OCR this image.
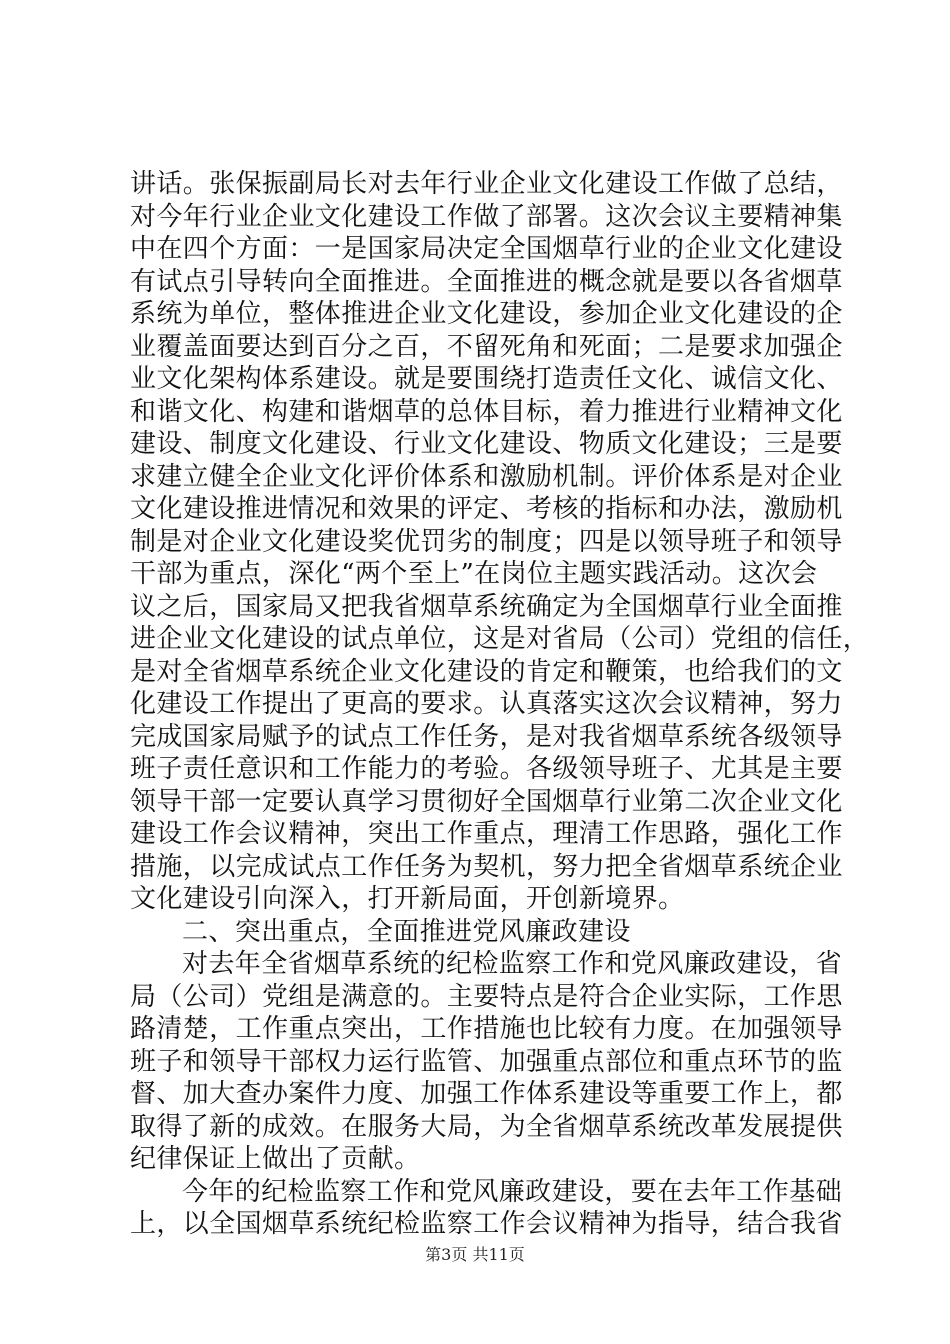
讲话。张保振副局长对去年行业企业文化建设工作做了总结，
对今年行业企业文化建设工作做了部署。这次会议主要精神集
中在四个方面：一是国家局决定全国烟草行业的企业文化建设
有试点引导转向全面推进。全面推进的概念就是要以各省烟草
系统为单位，整体推进企业文化建设，参加企业文化建设的企
业覆盖面要达到百分之百，不留死角和死面；二是要求加强企
业文化架构体系建设。就是要围绕打造责任文化、诚信文化、
和谐文化、构建和谐烟草的总体目标，着力推进行业精神文化
建设、制度文化建设、行业文化建设、物质文化建设；三是要
求建立健全企业文化评价体系和激励机制。评价体系是对企业
文化建设推进情况和效果的评定、考核的指标和办法，激励机
制是对企业文化建设奖优罚劣的制度；四是以领导班子和领导
干部为重点，深化“两个至上”在岗位主题实践活动。这次会
议之后，国家局又把我省烟草系统确定为全国烟草行业全面推
进企业文化建设的试点单位，这是对省局（公司）党组的信任，
是对全省烟草系统企业文化建设的肯定和鞭策，也给我们的文
化建设工作提出了更高的要求。认真落实这次会议精神，努力
完成国家局赋予的试点工作任务，是对我省烟草系统各级领导
班子责任意识和工作能力的考验。各级领导班子、尤其是主要
领导干部一定要认真学习贯彻好全国烟草行业第二次企业文化
建设工作会议精神，突出工作重点，理清工作思路，强化工作
措施，以完成试点工作任务为契机，努力把全省烟草系统企业
文化建设引向深入，打开新局面，开创新境界。
二、突出重点，全面推进党风廉政建设
对去年全省烟草系统的纪检监察工作和党风廉政建设，省
局（公司）党组是满意的。主要特点是符合企业实际，工作思
路清楚，工作重点突出，工作措施也比较有力度。在加强领导
班子和领导干部权力运行监管、加强重点部位和重点环节的监
督、加大查办案件力度、加强工作体系建设等重要工作上，都
取得了新的成效。在服务大局，为全省烟草系统改革发展提供
纪律保证上做出了贡献。
今年的纪检监察工作和党风廉政建设，要在去年工作基础
上，以全国烟草系统纪检监察工作会议精神为指导，结合我省
第3页 共11页
